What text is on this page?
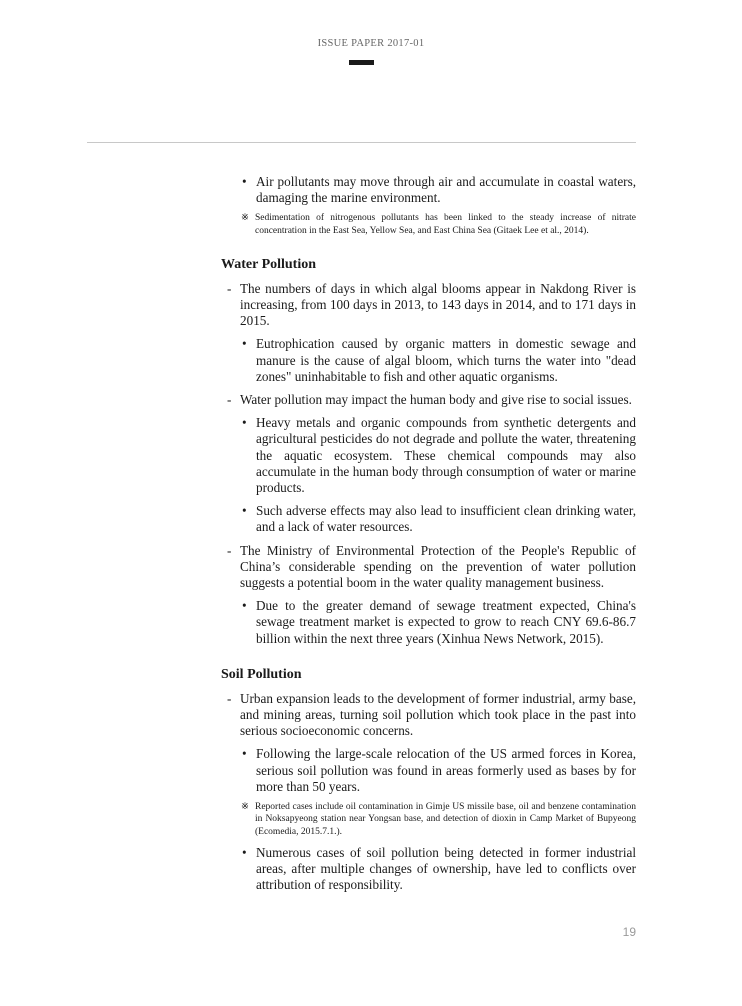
ISSUE PAPER 2017-01
• Air pollutants may move through air and accumulate in coastal waters, damaging the marine environment.
※ Sedimentation of nitrogenous pollutants has been linked to the steady increase of nitrate concentration in the East Sea, Yellow Sea, and East China Sea (Gitaek Lee et al., 2014).
Water Pollution
- The numbers of days in which algal blooms appear in Nakdong River is increasing, from 100 days in 2013, to 143 days in 2014, and to 171 days in 2015.
• Eutrophication caused by organic matters in domestic sewage and manure is the cause of algal bloom, which turns the water into "dead zones" uninhabitable to fish and other aquatic organisms.
- Water pollution may impact the human body and give rise to social issues.
• Heavy metals and organic compounds from synthetic detergents and agricultural pesticides do not degrade and pollute the water, threatening the aquatic ecosystem. These chemical compounds may also accumulate in the human body through consumption of water or marine products.
• Such adverse effects may also lead to insufficient clean drinking water, and a lack of water resources.
- The Ministry of Environmental Protection of the People's Republic of China’s considerable spending on the prevention of water pollution suggests a potential boom in the water quality management business.
• Due to the greater demand of sewage treatment expected, China's sewage treatment market is expected to grow to reach CNY 69.6-86.7 billion within the next three years (Xinhua News Network, 2015).
Soil Pollution
- Urban expansion leads to the development of former industrial, army base, and mining areas, turning soil pollution which took place in the past into serious socioeconomic concerns.
• Following the large-scale relocation of the US armed forces in Korea, serious soil pollution was found in areas formerly used as bases by for more than 50 years.
※ Reported cases include oil contamination in Gimje US missile base, oil and benzene contamination in Noksapyeong station near Yongsan base, and detection of dioxin in Camp Market of Bupyeong (Ecomedia, 2015.7.1.).
• Numerous cases of soil pollution being detected in former industrial areas, after multiple changes of ownership, have led to conflicts over attribution of responsibility.
19
